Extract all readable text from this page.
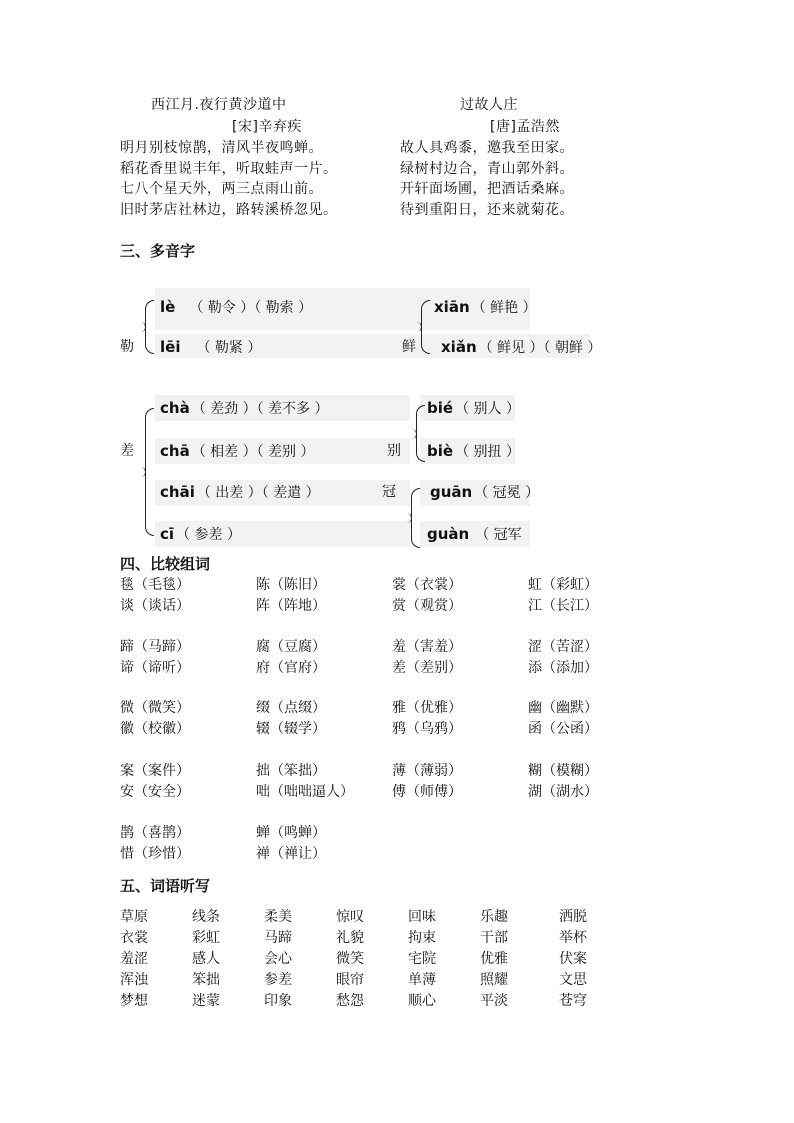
西江月.夜行黄沙道中
[宋]辛弃疾
明月别枝惊鹊，清风半夜鸣蝉。
稻花香里说丰年，听取蛙声一片。
七八个星天外，两三点雨山前。
旧时茅店社林边，路转溪桥忽见。
过故人庄
[唐]孟浩然
故人具鸡黍，邀我至田家。
绿树村边合，青山郭外斜。
开轩面场圃，把酒话桑麻。
待到重阳日，还来就菊花。
三、多音字
勒
lè （ 勒令 ）（ 勒索 ）
lēi （ 勒紧 ）	鲜
xiān （ 鲜艳 ）
xiǎn （ 鲜见 ）（ 朝鲜 ）
差
chà （ 差劲 ）（ 差不多 ）
chā （ 相差 ）（ 差别 ）
chāi （ 出差 ）（ 差遣 ）
cī （ 参差 ）
别
bié （ 别人 ）
biè （ 别扭 ）
冠 guān （ 冠冕 ）
guàn （ 冠军
四、比较组词
毯（毛毯）	陈（陈旧）	裳（衣裳）	虹（彩虹）
谈（谈话）	阵（阵地）	赏（观赏）	江（长江）
蹄（马蹄）	腐（豆腐）	羞（害羞）	涩（苦涩）
谛（谛听）	府（官府）	差（差别）	添（添加）
微（微笑）	缀（点缀）	雅（优雅）	幽（幽默）
徽（校徽）	辍（辍学）	鸦（乌鸦）	函（公函）
案（案件）	拙（笨拙）	薄（薄弱）	糊（模糊）
安（安全）	咄（咄咄逼人）	傅（师傅）	湖（湖水）
鹊（喜鹊）	蝉（鸣蝉）
惜（珍惜）	禅（禅让）
五、词语听写
草原	线条	柔美	惊叹	回味	乐趣	洒脱
衣裳	彩虹	马蹄	礼貌	拘束	干部	举杯
羞涩	感人	会心	微笑	宅院	优雅	伏案
浑浊	笨拙	参差	眼帘	单薄	照耀	文思
梦想	迷蒙	印象	愁怨	顺心	平淡	苍穹
